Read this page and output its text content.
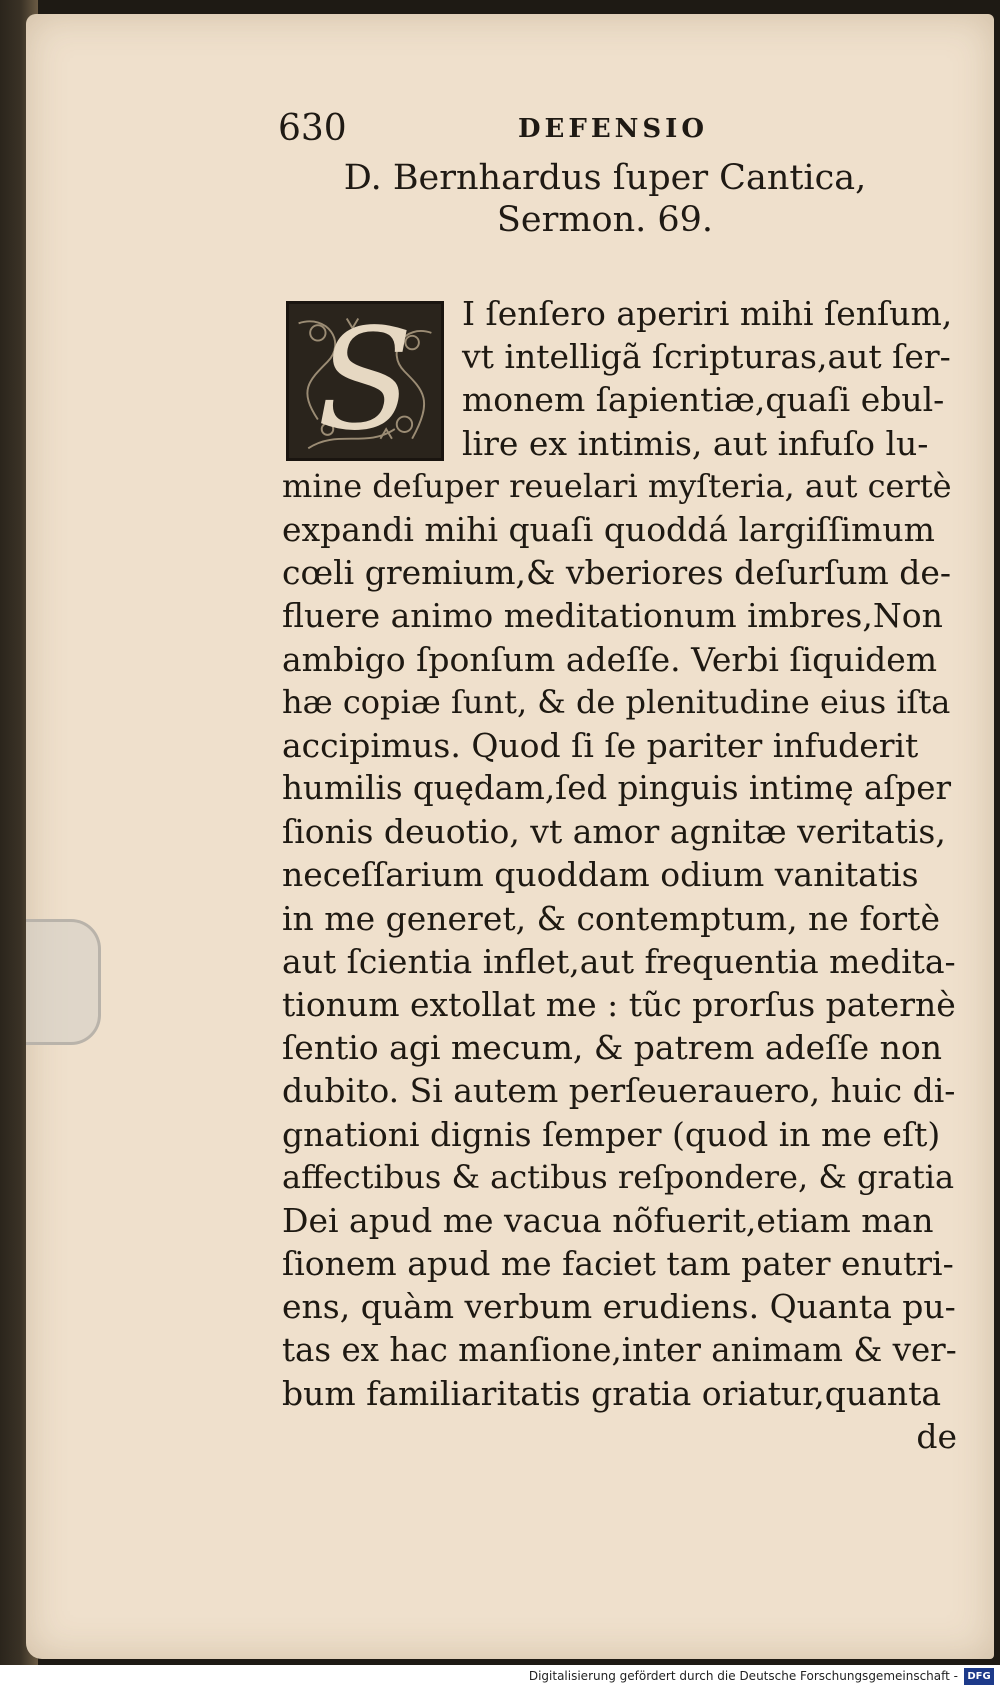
630	DEFENSIO
D. Bernhardus ſuper Cantica,
Sermon. 69.
S	I ſenſero aperiri mihi ſenſum,
vt intelligã ſcripturas,aut ſer-
monem ſapientiæ,quaſi ebul-
lire ex intimis, aut infuſo lu-
mine deſuper reuelari myſteria, aut certè
expandi mihi quaſi quoddá largiſſimum
cœli gremium,& vberiores deſurſum de-
fluere animo meditationum imbres,Non
ambigo ſponſum adeſſe. Verbi ſiquidem
hæ copiæ ſunt, & de plenitudine eius iſta
accipimus. Quod ſi ſe pariter infuderit
humilis quędam,ſed pinguis intimę aſper
ſionis deuotio, vt amor agnitæ veritatis,
neceſſarium quoddam odium vanitatis
in me generet, & contemptum, ne fortè
aut ſcientia inflet,aut frequentia medita-
tionum extollat me : tũc prorſus paternè
ſentio agi mecum, & patrem adeſſe non
dubito. Si autem perſeuerauero, huic di-
gnationi dignis ſemper (quod in me eſt)
affectibus & actibus reſpondere, & gratia
Dei apud me vacua nõfuerit,etiam man
ſionem apud me faciet tam pater enutri-
ens, quàm verbum erudiens. Quanta pu-
tas ex hac manſione,inter animam & ver-
bum familiaritatis gratia oriatur,quanta
de
Digitalisierung gefördert durch die Deutsche Forschungsgemeinschaft - DFG
